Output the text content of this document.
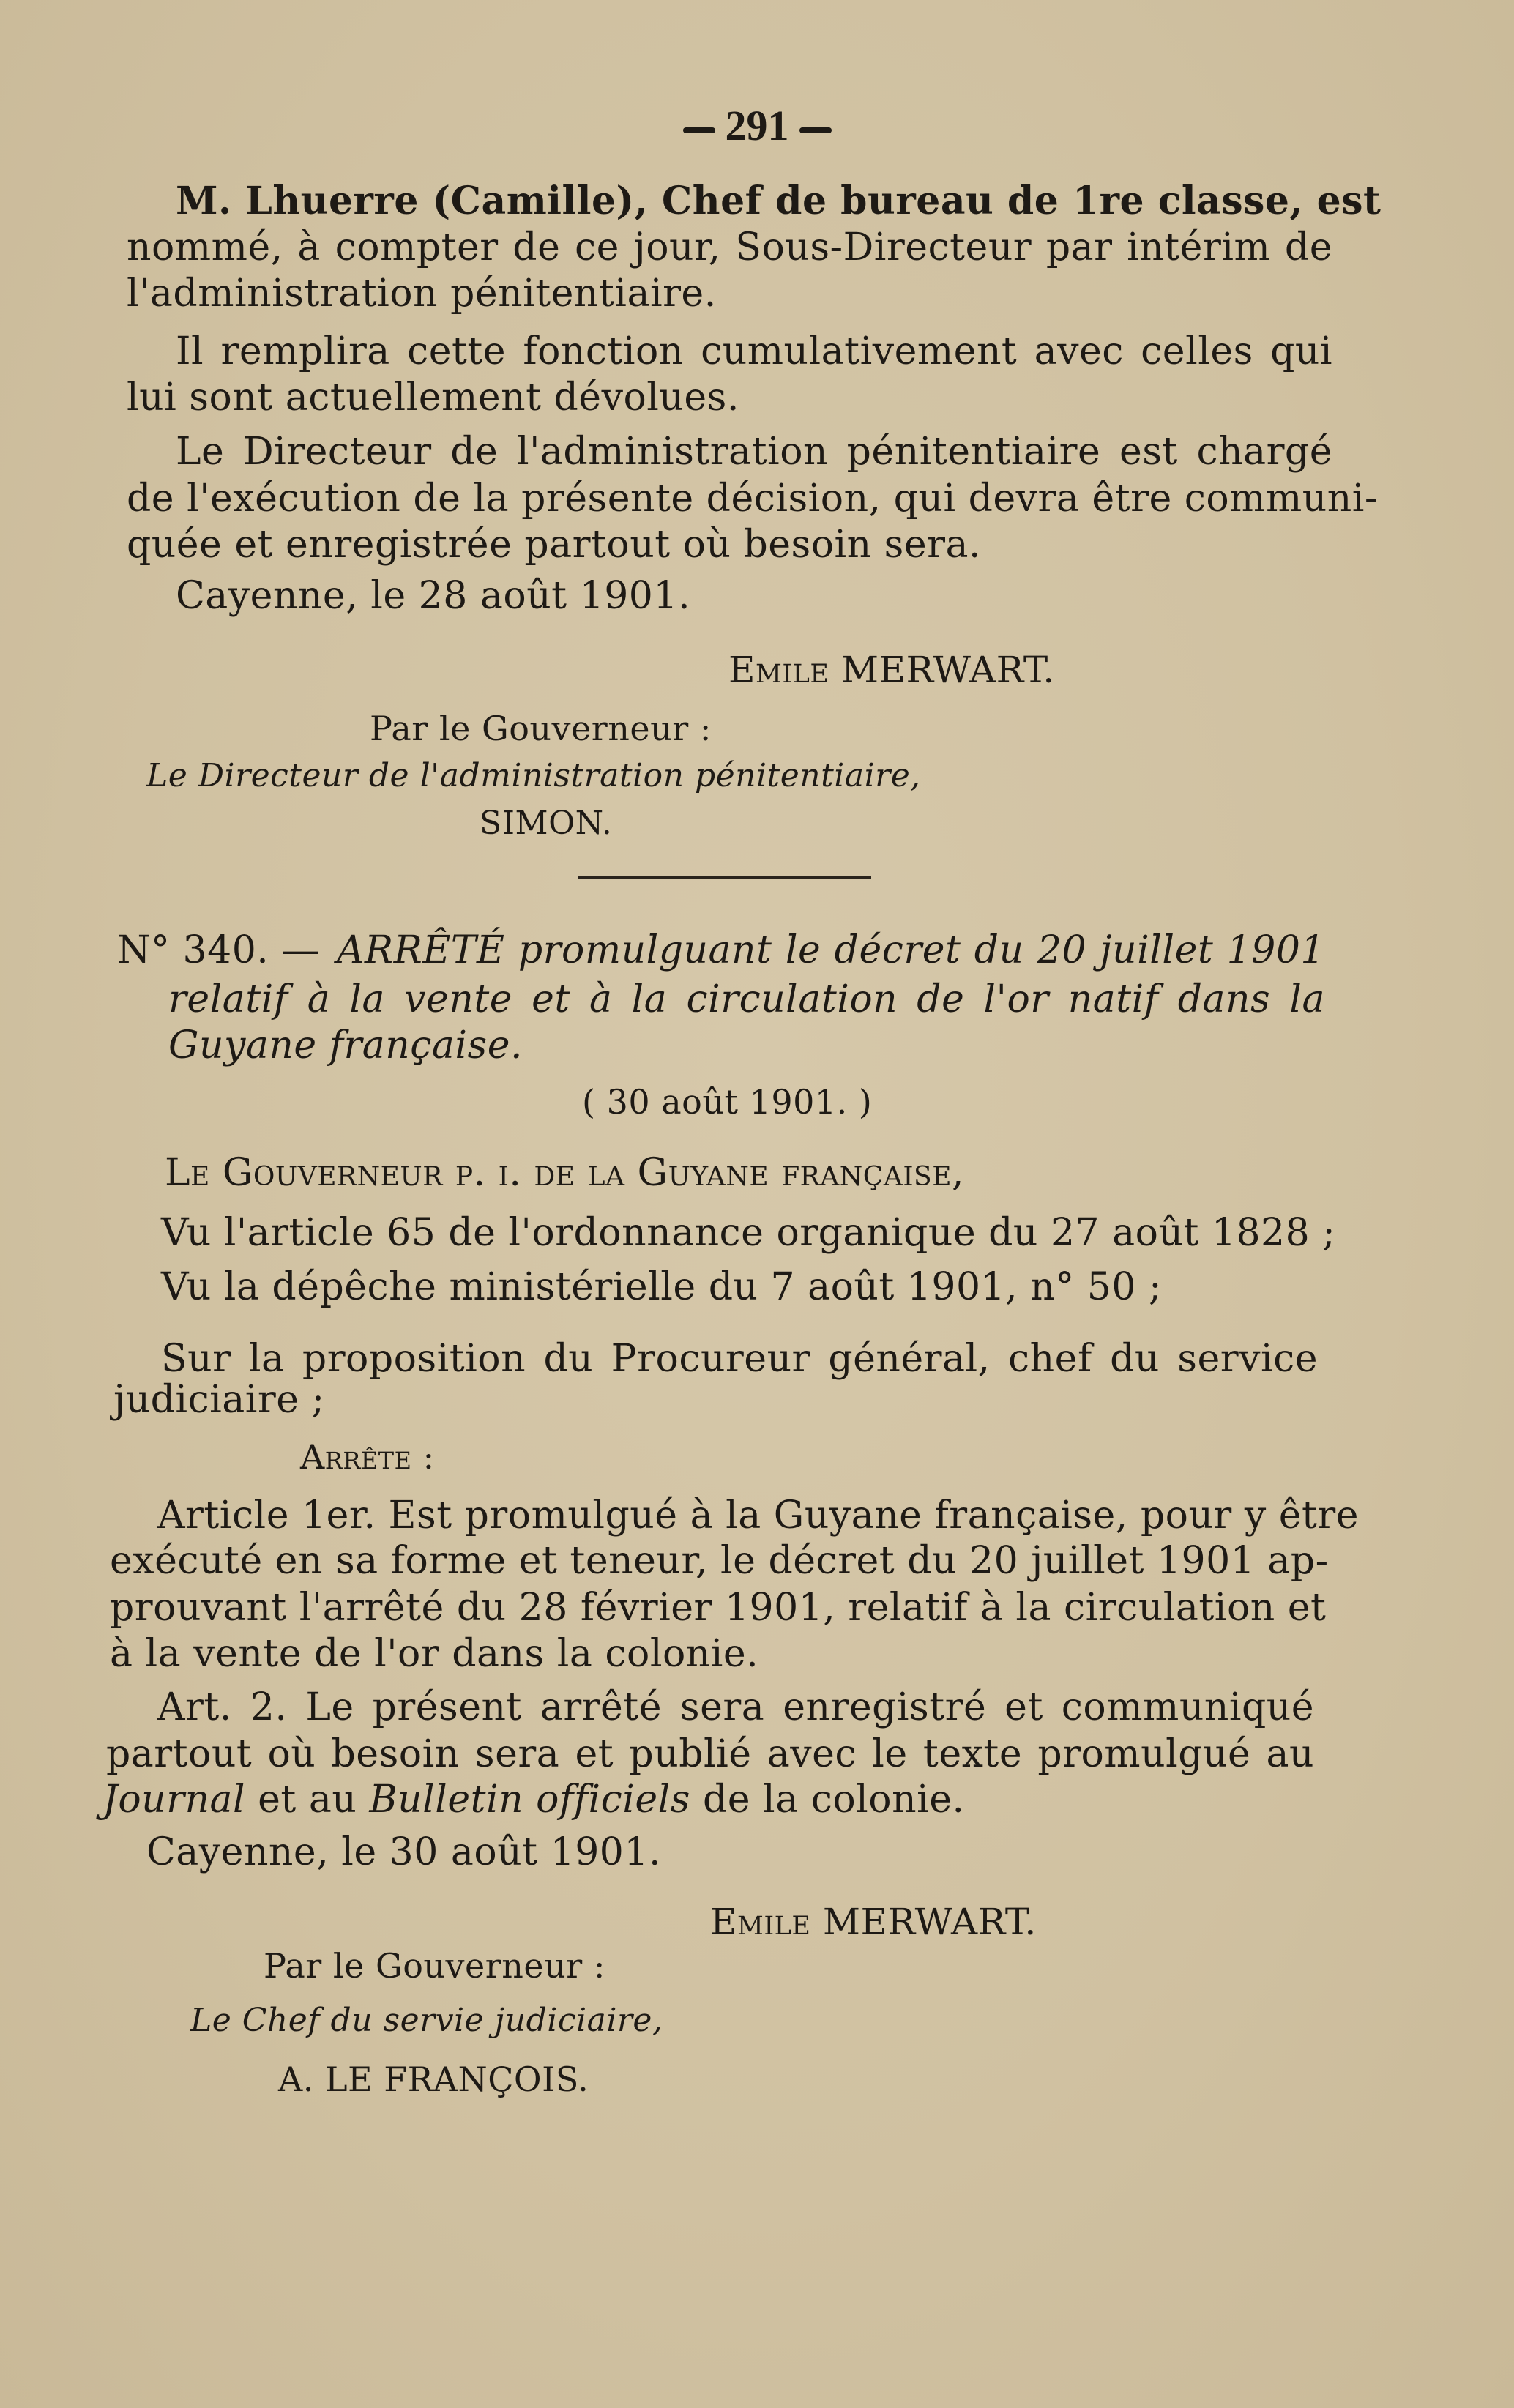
291
M. Lhuerre (Camille), Chef de bureau de 1re classe, est
nommé, à compter de ce jour, Sous-Directeur par intérim de
l'administration pénitentiaire.
Il remplira cette fonction cumulativement avec celles qui
lui sont actuellement dévolues.
Le Directeur de l'administration pénitentiaire est chargé
de l'exécution de la présente décision, qui devra être communi-
quée et enregistrée partout où besoin sera.
Cayenne, le 28 août 1901.
Emile MERWART.
Par le Gouverneur :
Le Directeur de l'administration pénitentiaire,
SIMON.
N° 340. — ARRÊTÉ promulguant le décret du 20 juillet 1901
relatif à la vente et à la circulation de l'or natif dans la
Guyane française.
( 30 août 1901. )
Le Gouverneur p. i. de la Guyane française,
Vu l'article 65 de l'ordonnance organique du 27 août 1828 ;
Vu la dépêche ministérielle du 7 août 1901, n° 50 ;
Sur la proposition du Procureur général, chef du service
judiciaire ;
Arrête :
Article 1er. Est promulgué à la Guyane française, pour y être
exécuté en sa forme et teneur, le décret du 20 juillet 1901 ap-
prouvant l'arrêté du 28 février 1901, relatif à la circulation et
à la vente de l'or dans la colonie.
Art. 2. Le présent arrêté sera enregistré et communiqué
partout où besoin sera et publié avec le texte promulgué au
Journal et au Bulletin officiels de la colonie.
Cayenne, le 30 août 1901.
Emile MERWART.
Par le Gouverneur :
Le Chef du servie judiciaire,
A. LE FRANÇOIS.
